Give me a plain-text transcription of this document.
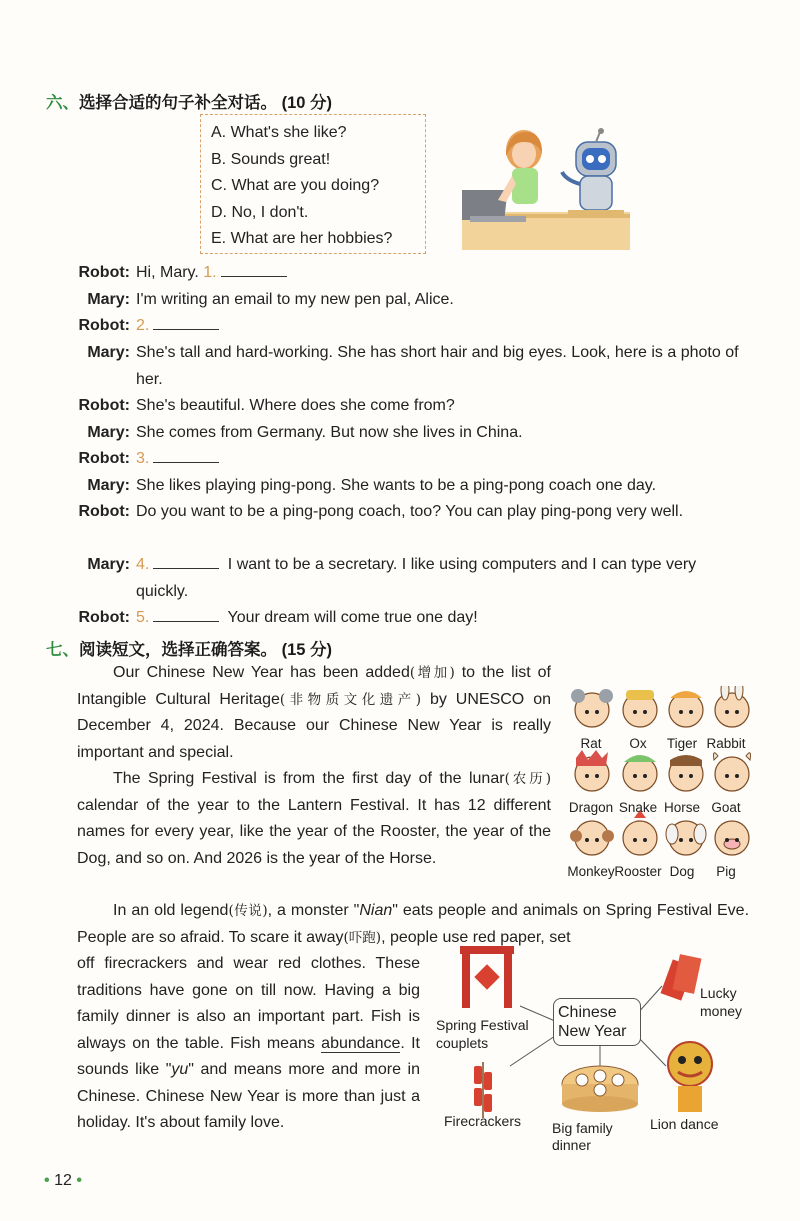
六、选择合适的句子补全对话。 (10 分)
A. What's she like?
B. Sounds great!
C. What are you doing?
D. No, I don't.
E. What are her hobbies?
Robot: Hi, Mary. 1.
Mary: I'm writing an email to my new pen pal, Alice.
Robot: 2.
Mary: She's tall and hard-working. She has short hair and big eyes. Look, here is a photo of her.
Robot: She's beautiful. Where does she come from?
Mary: She comes from Germany. But now she lives in China.
Robot: 3.
Mary: She likes playing ping-pong. She wants to be a ping-pong coach one day.
Robot: Do you want to be a ping-pong coach, too? You can play ping-pong very well.
Mary: 4.	I want to be a secretary. I like using computers and I can type very quickly.
Robot: 5.	Your dream will come true one day!
七、阅读短文，选择正确答案。 (15 分)
Our Chinese New Year has been added(增加) to the list of Intangible Cultural Heritage(非物质文化遗产) by UNESCO on December 4, 2024. Because our Chinese New Year is really important and special.
The Spring Festival is from the first day of the lunar(农历) calendar of the year to the Lantern Festival. It has 12 different names for every year, like the year of the Rooster, the year of the Dog, and so on. And 2026 is the year of the Horse.
Rat	Ox	Tiger Rabbit
Dragon Snake Horse Goat
Monkey Rooster Dog	Pig
In an old legend(传说), a monster "Nian" eats people and animals on Spring Festival Eve. People are so afraid. To scare it away(吓跑), people use red paper, set
off firecrackers and wear red clothes. These traditions have gone on till now. Having a big family dinner is also an important part. Fish is always on the table. Fish means abundance. It sounds like "yu" and means more and more in Chinese. Chinese New Year is more than just a holiday. It's about family love.
Chinese New Year
Spring Festival couplets
Lucky money
Firecrackers	Big family dinner
Lion dance
• 12 •
